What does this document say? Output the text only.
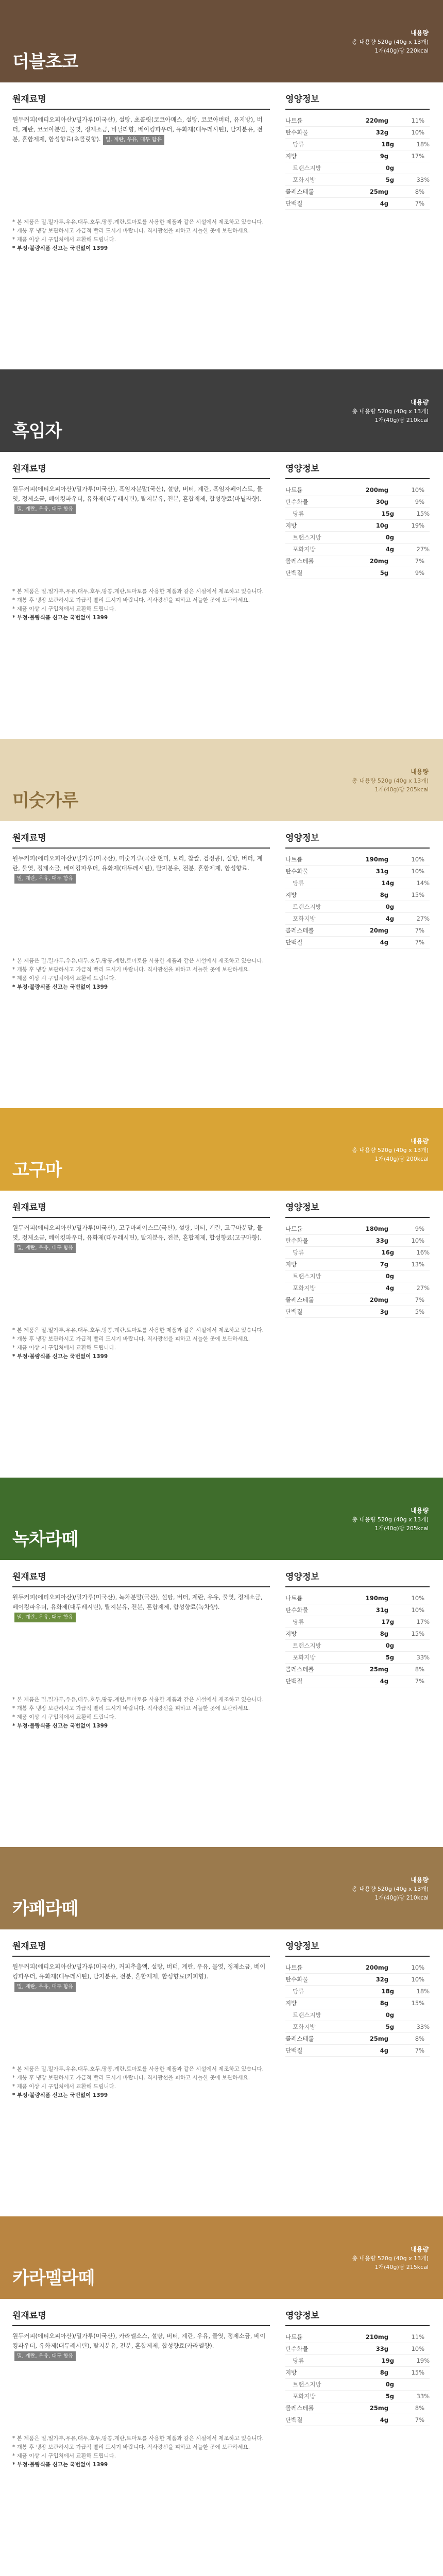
더블초코
내용량
총 내용량 520g (40g x 13개)
1개(40g)당 220kcal
원재료명
원두커피(에티오피아산)/밀가루(미국산), 설탕, 초콜릿(코코아매스, 설탕, 코코아버터, 유지방), 버터, 계란, 코코아분말, 물엿, 정제소금, 바닐라향, 베이킹파우더, 유화제(대두레시틴), 탈지분유, 전분, 혼합제제, 합성향료(초콜릿향). 밀, 계란, 우유, 대두 함유
영양정보
나트륨	220mg	11%
탄수화물	32g	10%
당류	18g	18%
지방	9g	17%
트랜스지방	0g
포화지방	5g	33%
콜레스테롤	25mg	8%
단백질	4g	7%
* 본 제품은 밀,밀가루,우유,대두,호두,땅콩,계란,토마토를 사용한 제품과 같은 시설에서 제조하고 있습니다.
* 개봉 후 냉장 보관하시고 가급적 빨리 드시기 바랍니다. 직사광선을 피하고 서늘한 곳에 보관하세요.
* 제품 이상 시 구입처에서 교환해 드립니다.
* 부정·불량식품 신고는 국번없이 1399
흑임자
내용량
총 내용량 520g (40g x 13개)
1개(40g)당 210kcal
원재료명
원두커피(에티오피아산)/밀가루(미국산), 흑임자분말(국산), 설탕, 버터, 계란, 흑임자페이스트, 물엿, 정제소금, 베이킹파우더, 유화제(대두레시틴), 탈지분유, 전분, 혼합제제, 합성향료(바닐라향).밀, 계란, 우유, 대두 함유
영양정보
나트륨	200mg	10%
탄수화물	30g	9%
당류	15g	15%
지방	10g	19%
트랜스지방	0g
포화지방	4g	27%
콜레스테롤	20mg	7%
단백질	5g	9%
* 본 제품은 밀,밀가루,우유,대두,호두,땅콩,계란,토마토를 사용한 제품과 같은 시설에서 제조하고 있습니다.
* 개봉 후 냉장 보관하시고 가급적 빨리 드시기 바랍니다. 직사광선을 피하고 서늘한 곳에 보관하세요.
* 제품 이상 시 구입처에서 교환해 드립니다.
* 부정·불량식품 신고는 국번없이 1399
미숫가루
내용량
총 내용량 520g (40g x 13개)
1개(40g)당 205kcal
원재료명
원두커피(에티오피아산)/밀가루(미국산), 미숫가루(국산 현미, 보리, 찹쌀, 검정콩), 설탕, 버터, 계란, 물엿, 정제소금, 베이킹파우더, 유화제(대두레시틴), 탈지분유, 전분, 혼합제제, 합성향료.밀, 계란, 우유, 대두 함유
영양정보
나트륨	190mg	10%
탄수화물	31g	10%
당류	14g	14%
지방	8g	15%
트랜스지방	0g
포화지방	4g	27%
콜레스테롤	20mg	7%
단백질	4g	7%
* 본 제품은 밀,밀가루,우유,대두,호두,땅콩,계란,토마토를 사용한 제품과 같은 시설에서 제조하고 있습니다.
* 개봉 후 냉장 보관하시고 가급적 빨리 드시기 바랍니다. 직사광선을 피하고 서늘한 곳에 보관하세요.
* 제품 이상 시 구입처에서 교환해 드립니다.
* 부정·불량식품 신고는 국번없이 1399
고구마
내용량
총 내용량 520g (40g x 13개)
1개(40g)당 200kcal
원재료명
원두커피(에티오피아산)/밀가루(미국산), 고구마페이스트(국산), 설탕, 버터, 계란, 고구마분말, 물엿, 정제소금, 베이킹파우더, 유화제(대두레시틴), 탈지분유, 전분, 혼합제제, 합성향료(고구마향).밀, 계란, 우유, 대두 함유
영양정보
나트륨	180mg	9%
탄수화물	33g	10%
당류	16g	16%
지방	7g	13%
트랜스지방	0g
포화지방	4g	27%
콜레스테롤	20mg	7%
단백질	3g	5%
* 본 제품은 밀,밀가루,우유,대두,호두,땅콩,계란,토마토를 사용한 제품과 같은 시설에서 제조하고 있습니다.
* 개봉 후 냉장 보관하시고 가급적 빨리 드시기 바랍니다. 직사광선을 피하고 서늘한 곳에 보관하세요.
* 제품 이상 시 구입처에서 교환해 드립니다.
* 부정·불량식품 신고는 국번없이 1399
녹차라떼
내용량
총 내용량 520g (40g x 13개)
1개(40g)당 205kcal
원재료명
원두커피(에티오피아산)/밀가루(미국산), 녹차분말(국산), 설탕, 버터, 계란, 우유, 물엿, 정제소금, 베이킹파우더, 유화제(대두레시틴), 탈지분유, 전분, 혼합제제, 합성향료(녹차향).밀, 계란, 우유, 대두 함유
영양정보
나트륨	190mg	10%
탄수화물	31g	10%
당류	17g	17%
지방	8g	15%
트랜스지방	0g
포화지방	5g	33%
콜레스테롤	25mg	8%
단백질	4g	7%
* 본 제품은 밀,밀가루,우유,대두,호두,땅콩,계란,토마토를 사용한 제품과 같은 시설에서 제조하고 있습니다.
* 개봉 후 냉장 보관하시고 가급적 빨리 드시기 바랍니다. 직사광선을 피하고 서늘한 곳에 보관하세요.
* 제품 이상 시 구입처에서 교환해 드립니다.
* 부정·불량식품 신고는 국번없이 1399
카페라떼
내용량
총 내용량 520g (40g x 13개)
1개(40g)당 210kcal
원재료명
원두커피(에티오피아산)/밀가루(미국산), 커피추출액, 설탕, 버터, 계란, 우유, 물엿, 정제소금, 베이킹파우더, 유화제(대두레시틴), 탈지분유, 전분, 혼합제제, 합성향료(커피향).밀, 계란, 우유, 대두 함유
영양정보
나트륨	200mg	10%
탄수화물	32g	10%
당류	18g	18%
지방	8g	15%
트랜스지방	0g
포화지방	5g	33%
콜레스테롤	25mg	8%
단백질	4g	7%
* 본 제품은 밀,밀가루,우유,대두,호두,땅콩,계란,토마토를 사용한 제품과 같은 시설에서 제조하고 있습니다.
* 개봉 후 냉장 보관하시고 가급적 빨리 드시기 바랍니다. 직사광선을 피하고 서늘한 곳에 보관하세요.
* 제품 이상 시 구입처에서 교환해 드립니다.
* 부정·불량식품 신고는 국번없이 1399
카라멜라떼
내용량
총 내용량 520g (40g x 13개)
1개(40g)당 215kcal
원재료명
원두커피(에티오피아산)/밀가루(미국산), 카라멜소스, 설탕, 버터, 계란, 우유, 물엿, 정제소금, 베이킹파우더, 유화제(대두레시틴), 탈지분유, 전분, 혼합제제, 합성향료(카라멜향).밀, 계란, 우유, 대두 함유
영양정보
나트륨	210mg	11%
탄수화물	33g	10%
당류	19g	19%
지방	8g	15%
트랜스지방	0g
포화지방	5g	33%
콜레스테롤	25mg	8%
단백질	4g	7%
* 본 제품은 밀,밀가루,우유,대두,호두,땅콩,계란,토마토를 사용한 제품과 같은 시설에서 제조하고 있습니다.
* 개봉 후 냉장 보관하시고 가급적 빨리 드시기 바랍니다. 직사광선을 피하고 서늘한 곳에 보관하세요.
* 제품 이상 시 구입처에서 교환해 드립니다.
* 부정·불량식품 신고는 국번없이 1399
